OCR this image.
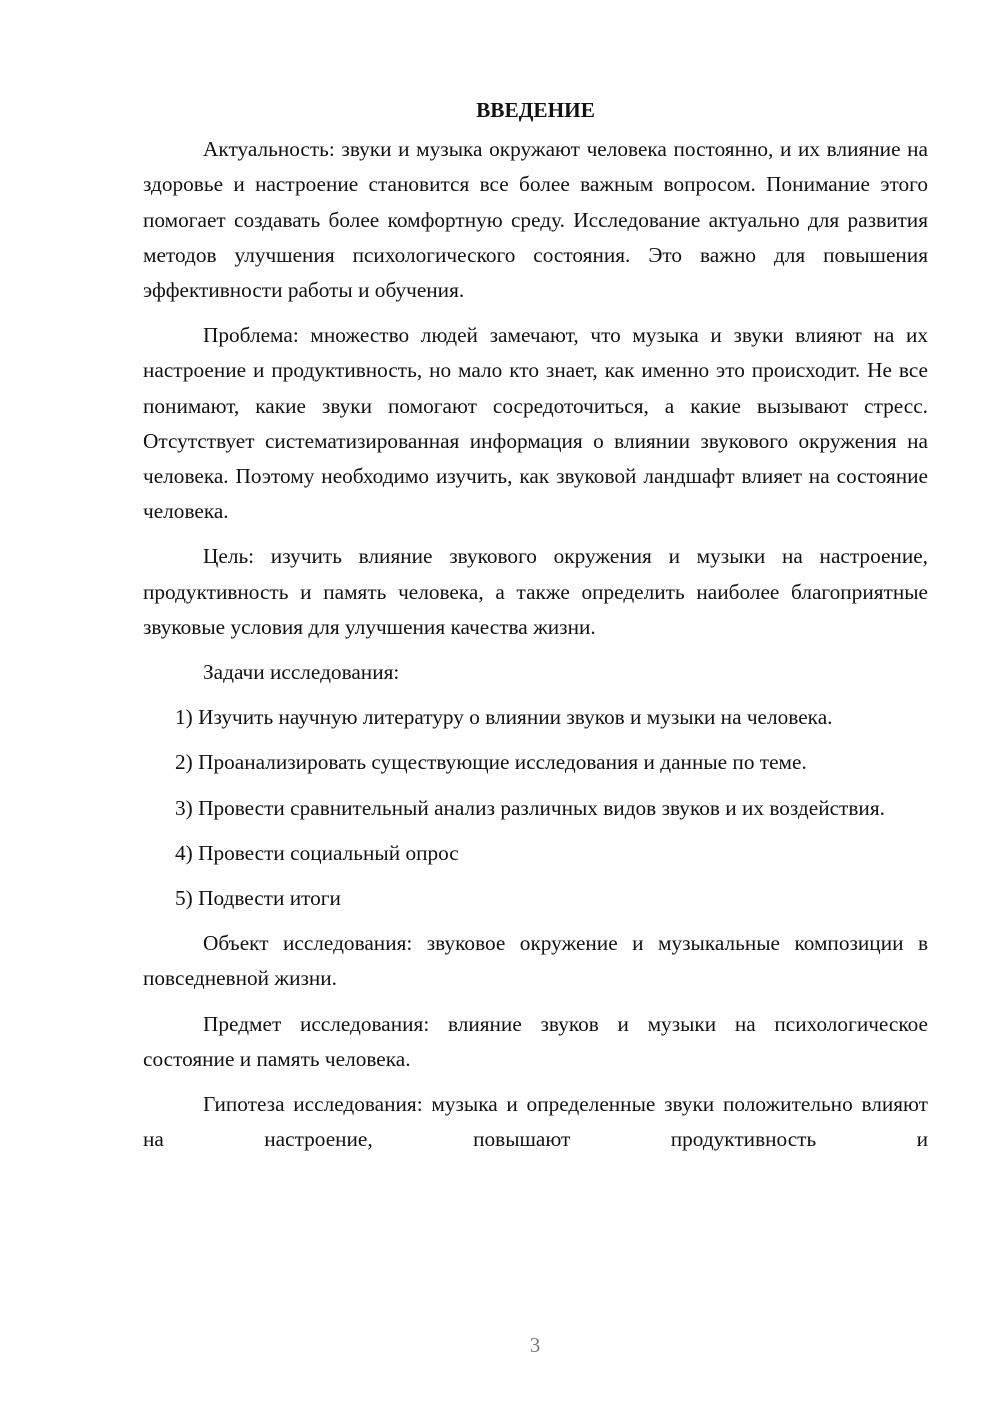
ВВЕДЕНИЕ

Актуальность: звуки и музыка окружают человека постоянно, и их влияние на здоровье и настроение становится все более важным вопросом. Понимание этого помогает создавать более комфортную среду. Исследование актуально для развития методов улучшения психологического состояния. Это важно для повышения эффективности работы и обучения.

Проблема: множество людей замечают, что музыка и звуки влияют на их настроение и продуктивность, но мало кто знает, как именно это происходит. Не все понимают, какие звуки помогают сосредоточиться, а какие вызывают стресс. Отсутствует систематизированная информация о влиянии звукового окружения на человека. Поэтому необходимо изучить, как звуковой ландшафт влияет на состояние человека.

Цель: изучить влияние звукового окружения и музыки на настроение, продуктивность и память человека, а также определить наиболее благоприятные звуковые условия для улучшения качества жизни.

Задачи исследования:

1) Изучить научную литературу о влиянии звуков и музыки на человека.

2) Проанализировать существующие исследования и данные по теме.

3) Провести сравнительный анализ различных видов звуков и их воздействия.

4) Провести социальный опрос

5) Подвести итоги

Объект исследования: звуковое окружение и музыкальные композиции в повседневной жизни.

Предмет исследования: влияние звуков и музыки на психологическое состояние и память человека.

Гипотеза исследования: музыка и определенные звуки положительно влияют на настроение, повышают продуктивность и

3
